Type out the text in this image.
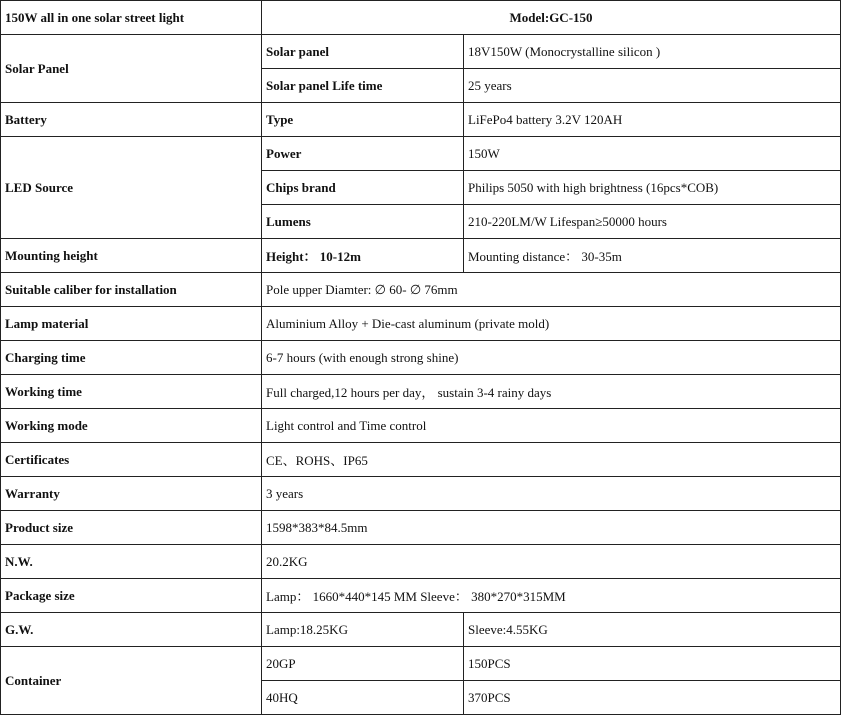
150W all in one solar street light	Model:GC-150	
Solar Panel	Solar panel	18V150W (Monocrystalline silicon )
	Solar panel Life time	25 years
Battery	Type	LiFePo4 battery 3.2V 120AH
LED Source	Power	150W
	Chips brand	Philips 5050 with high brightness (16pcs*COB)
	Lumens	210-220LM/W Lifespan≥50000 hours
Mounting height	Height： 10-12m	Mounting distance： 30-35m
Suitable caliber for installation	Pole upper Diamter: ∅ 60- ∅ 76mm	
Lamp material	Aluminium Alloy + Die-cast aluminum (private mold)	
Charging time	6-7 hours (with enough strong shine)	
Working time	Full charged,12 hours per day， sustain 3-4 rainy days	
Working mode	Light control and Time control	
Certificates	CE、ROHS、IP65	
Warranty	3 years	
Product size	1598*383*84.5mm	
N.W.	20.2KG	
Package size	Lamp： 1660*440*145 MM Sleeve： 380*270*315MM	
G.W.	Lamp:18.25KG	Sleeve:4.55KG
Container	20GP	150PCS
	40HQ	370PCS
